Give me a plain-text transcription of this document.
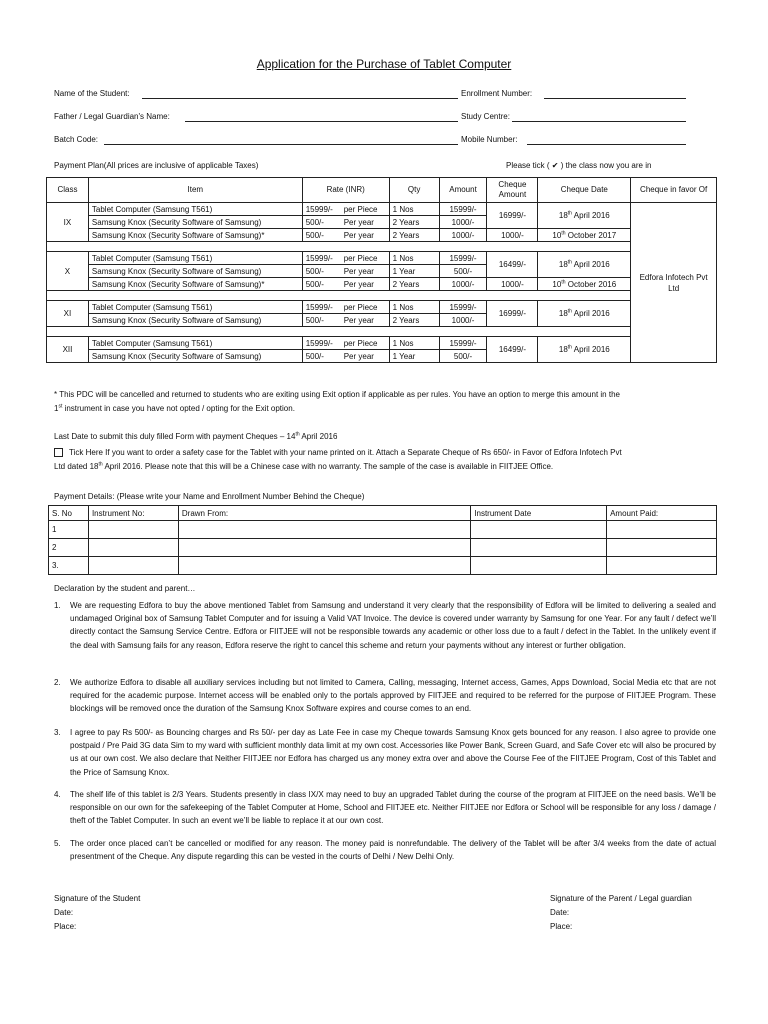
Application for the Purchase of Tablet Computer
Name of the Student:	Enrollment Number:
Father / Legal Guardian's Name:	Study Centre:
Batch Code:	Mobile Number:
Payment Plan(All prices are inclusive of applicable Taxes)	Please tick ( ✔ ) the class now you are in
Class	Item	Rate (INR)	Qty	Amount	Cheque Amount	Cheque Date	Cheque in favor Of
IX	Tablet Computer (Samsung T561)	15999/- per Piece	1 Nos	15999/-	16999/-	18th April 2016	Edfora Infotech Pvt Ltd
	Samsung Knox (Security Software of Samsung)	500/- Per year	2 Years	1000/-			
	Samsung Knox (Security Software of Samsung)*	500/- Per year	2 Years	1000/-	1000/-	10th October 2017	

X	Tablet Computer (Samsung T561)	15999/- per Piece	1 Nos	15999/-	16499/-	18th April 2016	
	Samsung Knox (Security Software of Samsung)	500/- Per year	1 Year	500/-			
	Samsung Knox (Security Software of Samsung)*	500/- Per year	2 Years	1000/-	1000/-	10th October 2016	

XI	Tablet Computer (Samsung T561)	15999/- per Piece	1 Nos	15999/-	16999/-	18th April 2016	
	Samsung Knox (Security Software of Samsung)	500/- Per year	2 Years	1000/-			

XII	Tablet Computer (Samsung T561)	15999/- per Piece	1 Nos	15999/-	16499/-	18th April 2016	
	Samsung Knox (Security Software of Samsung)	500/- Per year	1 Year	500/-			
* This PDC will be cancelled and returned to students who are exiting using Exit option if applicable as per rules. You have an option to merge this amount in the
1st instrument in case you have not opted / opting for the Exit option.
Last Date to submit this duly filled Form with payment Cheques – 14th April 2016
Tick Here If you want to order a safety case for the Tablet with your name printed on it. Attach a Separate Cheque of Rs 650/- in Favor of Edfora Infotech Pvt
Ltd dated 18th April 2016. Please note that this will be a Chinese case with no warranty. The sample of the case is available in FIITJEE Office.
Payment Details: (Please write your Name and Enrollment Number Behind the Cheque)
S. No	Instrument No:	Drawn From:	Instrument Date	Amount Paid:
1				
2				
3.				
Declaration by the student and parent…
1. We are requesting Edfora to buy the above mentioned Tablet from Samsung and understand it very clearly that the responsibility of Edfora will be limited to delivering a sealed and undamaged Original box of Samsung Tablet Computer and for issuing a Valid VAT Invoice. The device is covered under warranty by Samsung for one Year. For any fault / defect we’ll directly contact the Samsung Service Centre. Edfora or FIITJEE will not be responsible towards any academic or other loss due to a fault / defect in the Tablet. In the unlikely event if the deal with Samsung fails for any reason, Edfora reserve the right to cancel this scheme and return your payments without any interest or further obligation.
2. We authorize Edfora to disable all auxiliary services including but not limited to Camera, Calling, messaging, Internet access, Games, Apps Download, Social Media etc that are not required for the academic purpose. Internet access will be enabled only to the portals approved by FIITJEE and required to be referred for the purpose of FIITJEE Program. These blockings will be removed once the duration of the Samsung Knox Software expires and course comes to an end.
3. I agree to pay Rs 500/- as Bouncing charges and Rs 50/- per day as Late Fee in case my Cheque towards Samsung Knox gets bounced for any reason. I also agree to provide one postpaid / Pre Paid 3G data Sim to my ward with sufficient monthly data limit at my own cost. Accessories like Power Bank, Screen Guard, and Safe Cover etc will also be procured by us at our own cost. We also declare that Neither FIITJEE nor Edfora has charged us any money extra over and above the Course Fee of the FIITJEE Program, Cost of this Tablet and the Price of Samsung Knox.
4. The shelf life of this tablet is 2/3 Years. Students presently in class IX/X may need to buy an upgraded Tablet during the course of the program at FIITJEE on the need basis. We’ll be responsible on our own for the safekeeping of the Tablet Computer at Home, School and FIITJEE etc. Neither FIITJEE nor Edfora or School will be responsible for any loss / damage / theft of the Tablet Computer. In such an event we’ll be liable to replace it at our own cost.
5. The order once placed can’t be cancelled or modified for any reason. The money paid is nonrefundable. The delivery of the Tablet will be after 3/4 weeks from the date of actual presentment of the Cheque. Any dispute regarding this can be vested in the courts of Delhi / New Delhi Only.
Signature of the Student
Date:
Place:
Signature of the Parent / Legal guardian
Date:
Place:
